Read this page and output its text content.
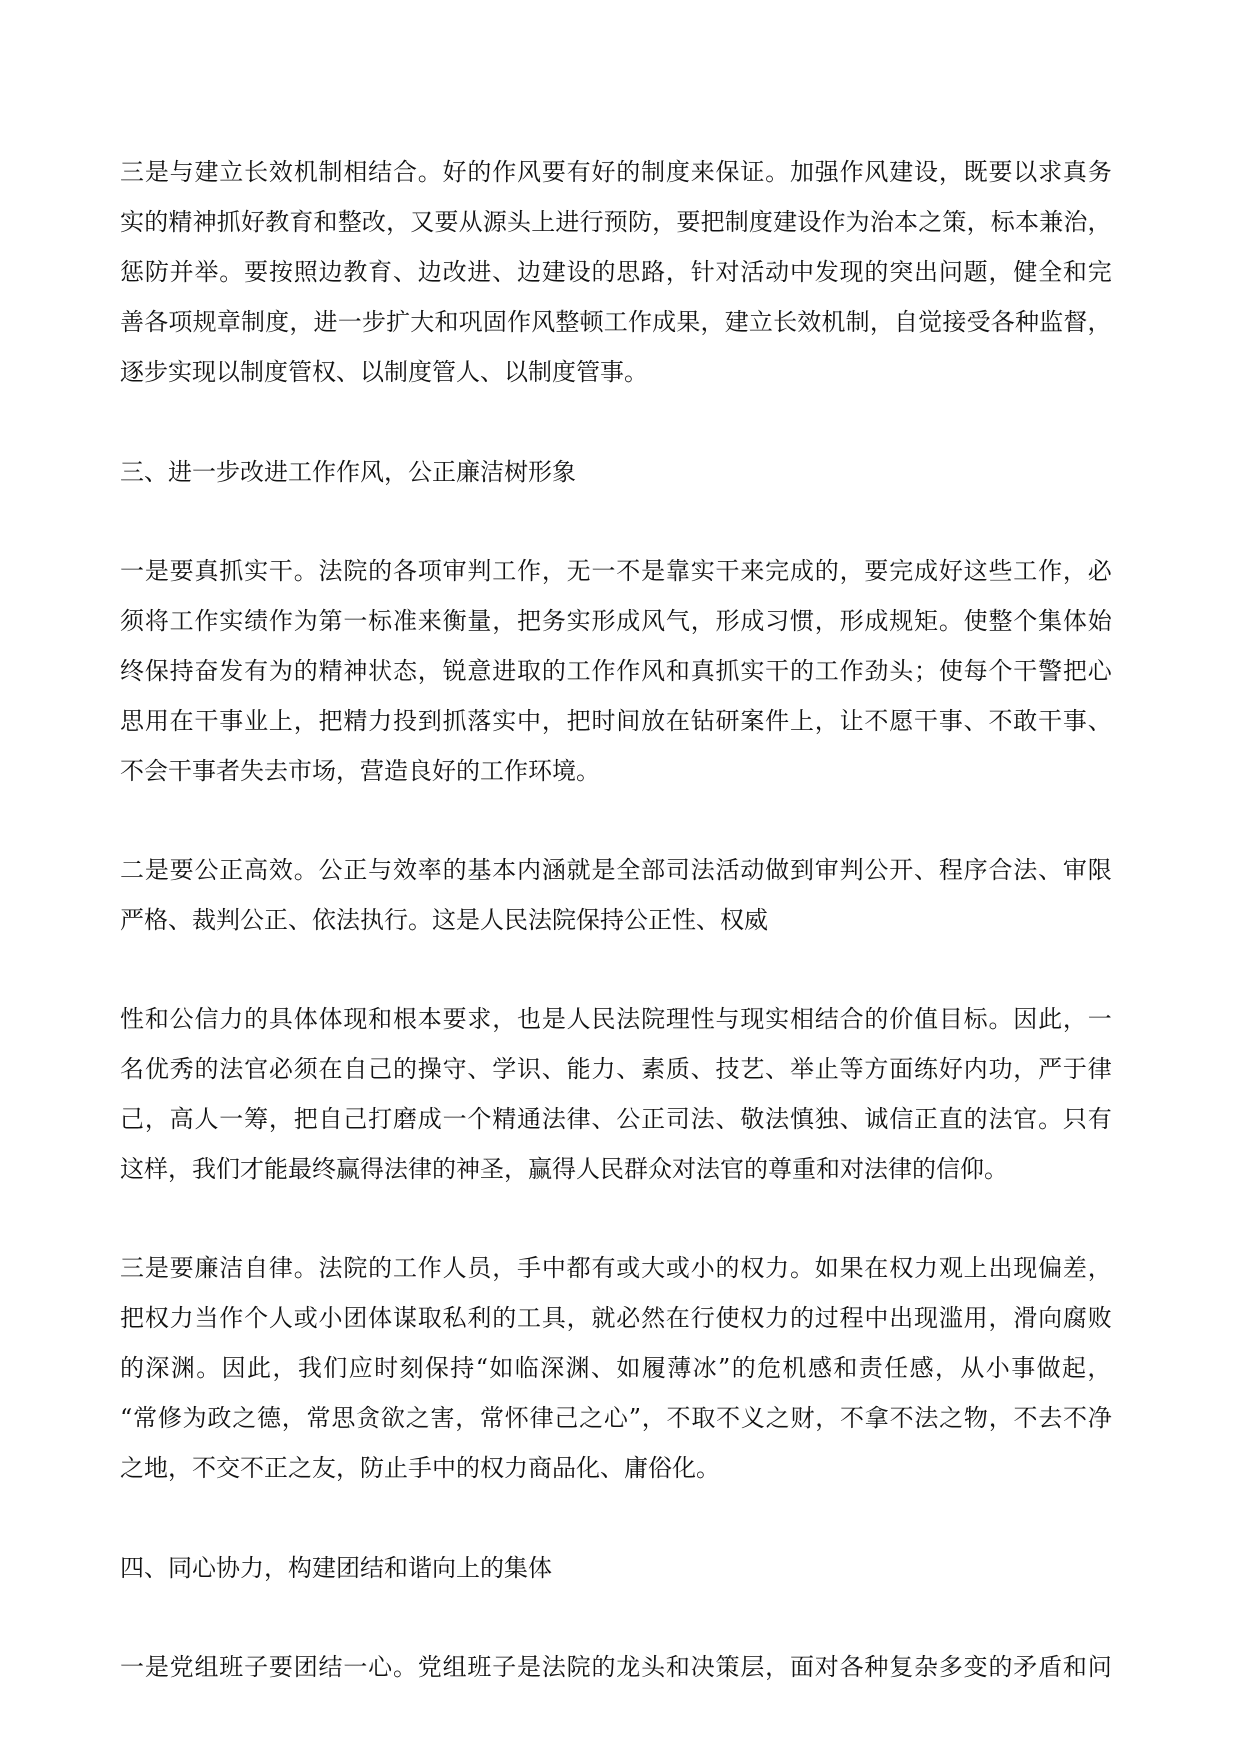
三 是 与 建 立 长 效 机 制 相 结 合 。 好 的 作 风 要 有 好 的 制 度 来 保 证 。 加 强 作 风 建 设 ， 既 要 以 求 真 务
实 的 精 神 抓 好 教 育 和 整 改 ， 又 要 从 源 头 上 进 行 预 防 ， 要 把 制 度 建 设 作 为 治 本 之 策 ， 标 本 兼 治 ，
惩 防 并 举 。 要 按 照 边 教 育 、 边 改 进 、 边 建 设 的 思 路 ， 针 对 活 动 中 发 现 的 突 出 问 题 ， 健 全 和 完
善 各 项 规 章 制 度 ， 进 一 步 扩 大 和 巩 固 作 风 整 顿 工 作 成 果 ， 建 立 长 效 机 制 ， 自 觉 接 受 各 种 监 督 ，
逐步实现以制度管权、以制度管人、以制度管事。
三、进一步改进工作作风，公正廉洁树形象
一 是 要 真 抓 实 干 。 法 院 的 各 项 审 判 工 作 ， 无 一 不 是 靠 实 干 来 完 成 的 ， 要 完 成 好 这 些 工 作 ， 必
须 将 工 作 实 绩 作 为 第 一 标 准 来 衡 量 ， 把 务 实 形 成 风 气 ， 形 成 习 惯 ， 形 成 规 矩 。 使 整 个 集 体 始
终 保 持 奋 发 有 为 的 精 神 状 态 ， 锐 意 进 取 的 工 作 作 风 和 真 抓 实 干 的 工 作 劲 头 ； 使 每 个 干 警 把 心
思 用 在 干 事 业 上 ， 把 精 力 投 到 抓 落 实 中 ， 把 时 间 放 在 钻 研 案 件 上 ， 让 不 愿 干 事 、 不 敢 干 事 、
不会干事者失去市场，营造良好的工作环境。
二 是 要 公 正 高 效 。 公 正 与 效 率 的 基 本 内 涵 就 是 全 部 司 法 活 动 做 到 审 判 公 开 、 程 序 合 法 、 审 限
严格、裁判公正、依法执行。这是人民法院保持公正性、权威
性 和 公 信 力 的 具 体 体 现 和 根 本 要 求 ， 也 是 人 民 法 院 理 性 与 现 实 相 结 合 的 价 值 目 标 。 因 此 ， 一
名 优 秀 的 法 官 必 须 在 自 己 的 操 守 、 学 识 、 能 力 、 素 质 、 技 艺 、 举 止 等 方 面 练 好 内 功 ， 严 于 律
己 ， 高 人 一 筹 ， 把 自 己 打 磨 成 一 个 精 通 法 律 、 公 正 司 法 、 敬 法 慎 独 、 诚 信 正 直 的 法 官 。 只 有
这样，我们才能最终赢得法律的神圣，赢得人民群众对法官的尊重和对法律的信仰。
三 是 要 廉 洁 自 律 。 法 院 的 工 作 人 员 ， 手 中 都 有 或 大 或 小 的 权 力 。 如 果 在 权 力 观 上 出 现 偏 差 ，
把 权 力 当 作 个 人 或 小 团 体 谋 取 私 利 的 工 具 ， 就 必 然 在 行 使 权 力 的 过 程 中 出 现 滥 用 ， 滑 向 腐 败
的 深 渊 。 因 此 ， 我 们 应 时 刻 保 持 “ 如 临 深 渊 、 如 履 薄 冰 ” 的 危 机 感 和 责 任 感 ， 从 小 事 做 起 ，
“ 常 修 为 政 之 德 ， 常 思 贪 欲 之 害 ， 常 怀 律 己 之 心 ” ， 不 取 不 义 之 财 ， 不 拿 不 法 之 物 ， 不 去 不 净
之地，不交不正之友，防止手中的权力商品化、庸俗化。
四、同心协力，构建团结和谐向上的集体
一 是 党 组 班 子 要 团 结 一 心 。 党 组 班 子 是 法 院 的 龙 头 和 决 策 层 ， 面 对 各 种 复 杂 多 变 的 矛 盾 和 问
